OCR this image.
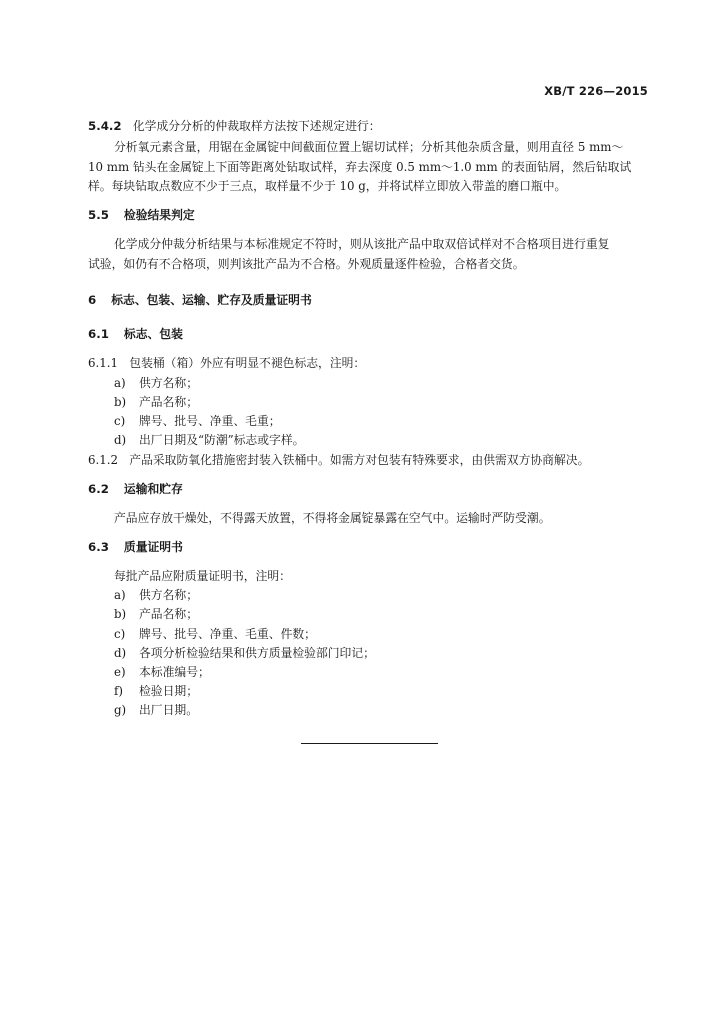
XB/T 226—2015
5.4.2 化学成分分析的仲裁取样方法按下述规定进行：
分析氧元素含量，用锯在金属锭中间截面位置上锯切试样；分析其他杂质含量，则用直径 5 mm～
10 mm 钻头在金属锭上下面等距离处钻取试样，弃去深度 0.5 mm～1.0 mm 的表面钻屑，然后钻取试
样。每块钻取点数应不少于三点，取样量不少于 10 g，并将试样立即放入带盖的磨口瓶中。
5.5 检验结果判定
化学成分仲裁分析结果与本标准规定不符时，则从该批产品中取双倍试样对不合格项目进行重复
试验，如仍有不合格项，则判该批产品为不合格。外观质量逐件检验，合格者交货。
6 标志、包装、运输、贮存及质量证明书
6.1 标志、包装
6.1.1 包装桶（箱）外应有明显不褪色标志，注明：
a) 供方名称；
b) 产品名称；
c) 牌号、批号、净重、毛重；
d) 出厂日期及“防潮”标志或字样。
6.1.2 产品采取防氧化措施密封装入铁桶中。如需方对包装有特殊要求，由供需双方协商解决。
6.2 运输和贮存
产品应存放干燥处，不得露天放置，不得将金属锭暴露在空气中。运输时严防受潮。
6.3 质量证明书
每批产品应附质量证明书，注明：
a) 供方名称；
b) 产品名称；
c) 牌号、批号、净重、毛重、件数；
d) 各项分析检验结果和供方质量检验部门印记；
e) 本标准编号；
f) 检验日期；
g) 出厂日期。
